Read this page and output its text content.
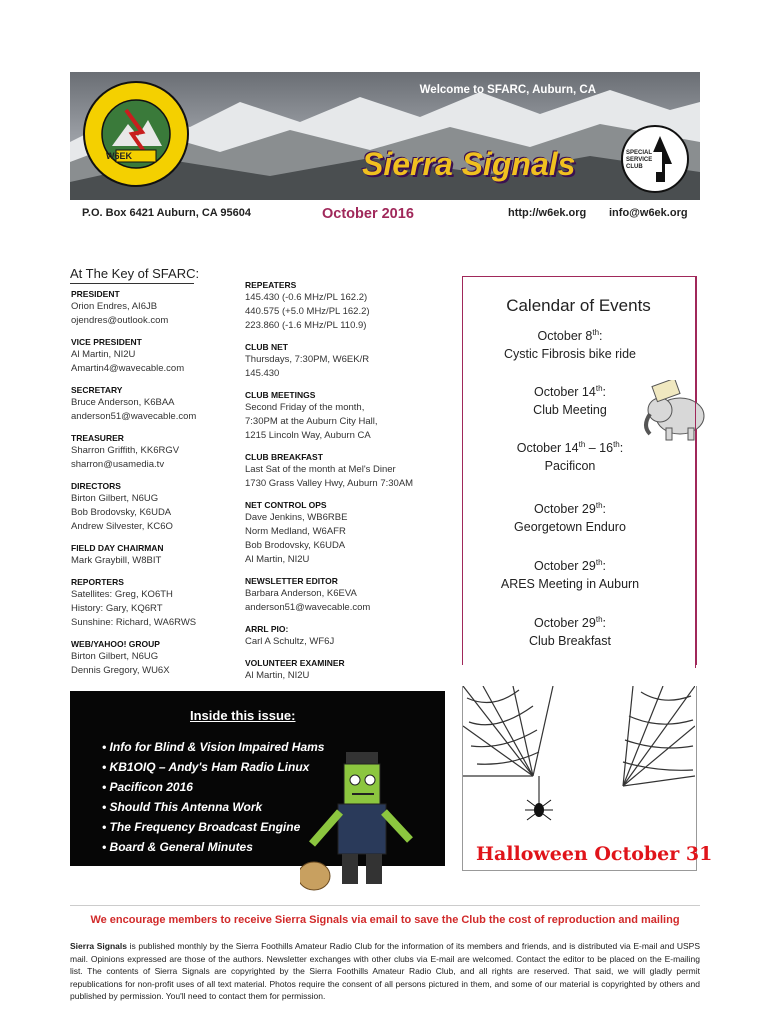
Welcome to SFARC, Auburn, CA
Sierra Signals
W6EK	SPECIAL SERVICE CLUB
P.O. Box 6421 Auburn, CA 95604	October 2016	http://w6ek.org info@w6ek.org
At The Key of SFARC:
PRESIDENT
Orion Endres, AI6JB
ojendres@outlook.com
VICE PRESIDENT
Al Martin, NI2U
Amartin4@wavecable.com
SECRETARY
Bruce Anderson, K6BAA
anderson51@wavecable.com
TREASURER
Sharron Griffith, KK6RGV
sharron@usamedia.tv
DIRECTORS
Birton Gilbert, N6UG
Bob Brodovsky, K6UDA
Andrew Silvester, KC6O
FIELD DAY CHAIRMAN
Mark Graybill, W8BIT
REPORTERS
Satellites: Greg, KO6TH
History: Gary, KQ6RT
Sunshine: Richard, WA6RWS
WEB/YAHOO! GROUP
Birton Gilbert, N6UG
Dennis Gregory, WU6X
REPEATERS
145.430 (-0.6 MHz/PL 162.2)
440.575 (+5.0 MHz/PL 162.2)
223.860 (-1.6 MHz/PL 110.9)
CLUB NET
Thursdays, 7:30PM, W6EK/R
145.430
CLUB MEETINGS
Second Friday of the month,
7:30PM at the Auburn City Hall,
1215 Lincoln Way, Auburn CA
CLUB BREAKFAST
Last Sat of the month at Mel's Diner
1730 Grass Valley Hwy, Auburn 7:30AM
NET CONTROL OPS
Dave Jenkins, WB6RBE
Norm Medland, W6AFR
Bob Brodovsky, K6UDA
Al Martin, NI2U
NEWSLETTER EDITOR
Barbara Anderson, K6EVA
anderson51@wavecable.com
ARRL PIO:
Carl A Schultz, WF6J
VOLUNTEER EXAMINER
Al Martin, NI2U
Calendar of Events
October 8th:
Cystic Fibrosis bike ride
October 14th:
Club Meeting
October 14th – 16th:
Pacificon
October 29th:
Georgetown Enduro
October 29th:
ARES Meeting in Auburn
October 29th:
Club Breakfast
Inside this issue:
• Info for Blind & Vision Impaired Hams
• KB1OIQ – Andy's Ham Radio Linux
• Pacificon 2016
• Should This Antenna Work
• The Frequency Broadcast Engine
• Board & General Minutes	Halloween October 31
We encourage members to receive Sierra Signals via email to save the Club the cost of reproduction and mailing
Sierra Signals is published monthly by the Sierra Foothills Amateur Radio Club for the information of its members and friends, and is distributed via E-mail and USPS mail. Opinions expressed are those of the authors. Newsletter exchanges with other clubs via E-mail are welcomed. Contact the editor to be placed on the E-mailing list. The contents of Sierra Signals are copyrighted by the Sierra Foothills Amateur Radio Club, and all rights are reserved. That said, we will gladly permit republications for non-profit uses of all text material. Photos require the consent of all persons pictured in them, and some of our material is copyrighted by others and published by permission. You'll need to contact them for permission.
